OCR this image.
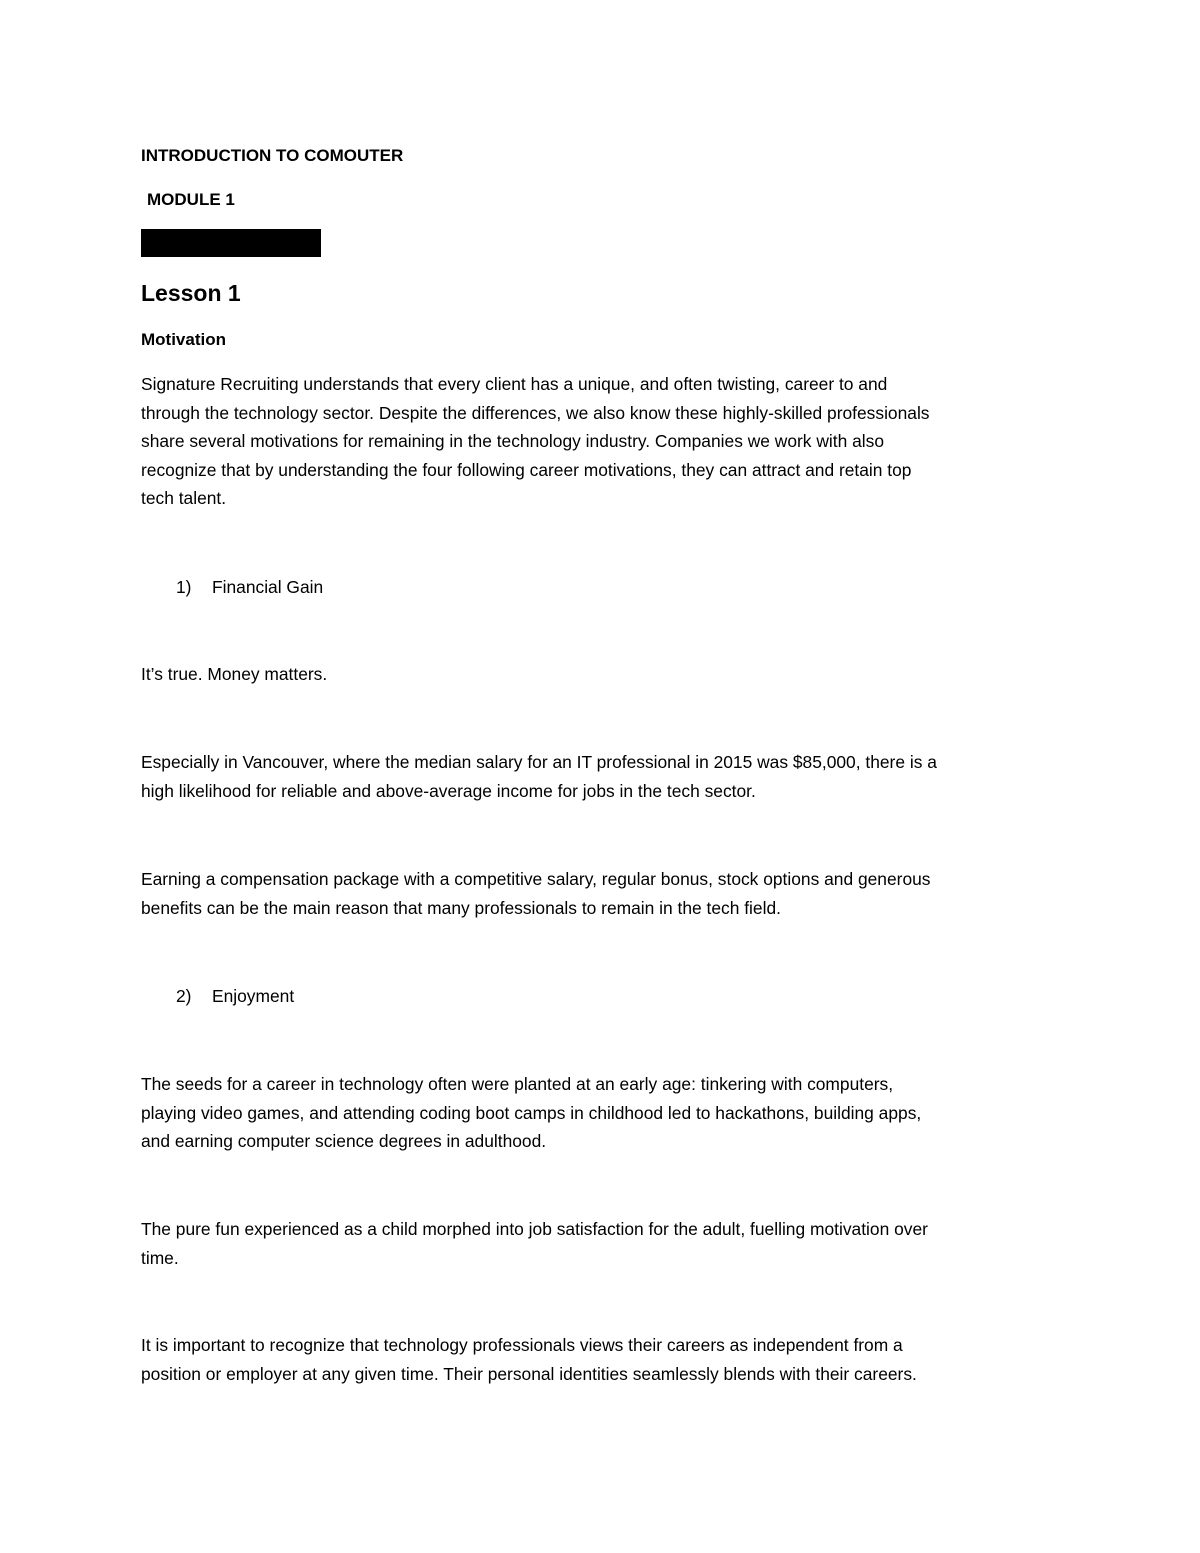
INTRODUCTION TO COMOUTER

MODULE 1

Lesson 1
Motivation
Signature Recruiting understands that every client has a unique, and often twisting, career to and
through the technology sector. Despite the differences, we also know these highly-skilled professionals
share several motivations for remaining in the technology industry. Companies we work with also
recognize that by understanding the four following career motivations, they can attract and retain top
tech talent.
1) Financial Gain
It’s true. Money matters.
Especially in Vancouver, where the median salary for an IT professional in 2015 was $85,000, there is a
high likelihood for reliable and above-average income for jobs in the tech sector.
Earning a compensation package with a competitive salary, regular bonus, stock options and generous
benefits can be the main reason that many professionals to remain in the tech field.
2) Enjoyment
The seeds for a career in technology often were planted at an early age: tinkering with computers,
playing video games, and attending coding boot camps in childhood led to hackathons, building apps,
and earning computer science degrees in adulthood.
The pure fun experienced as a child morphed into job satisfaction for the adult, fuelling motivation over
time.
It is important to recognize that technology professionals views their careers as independent from a
position or employer at any given time. Their personal identities seamlessly blends with their careers.
